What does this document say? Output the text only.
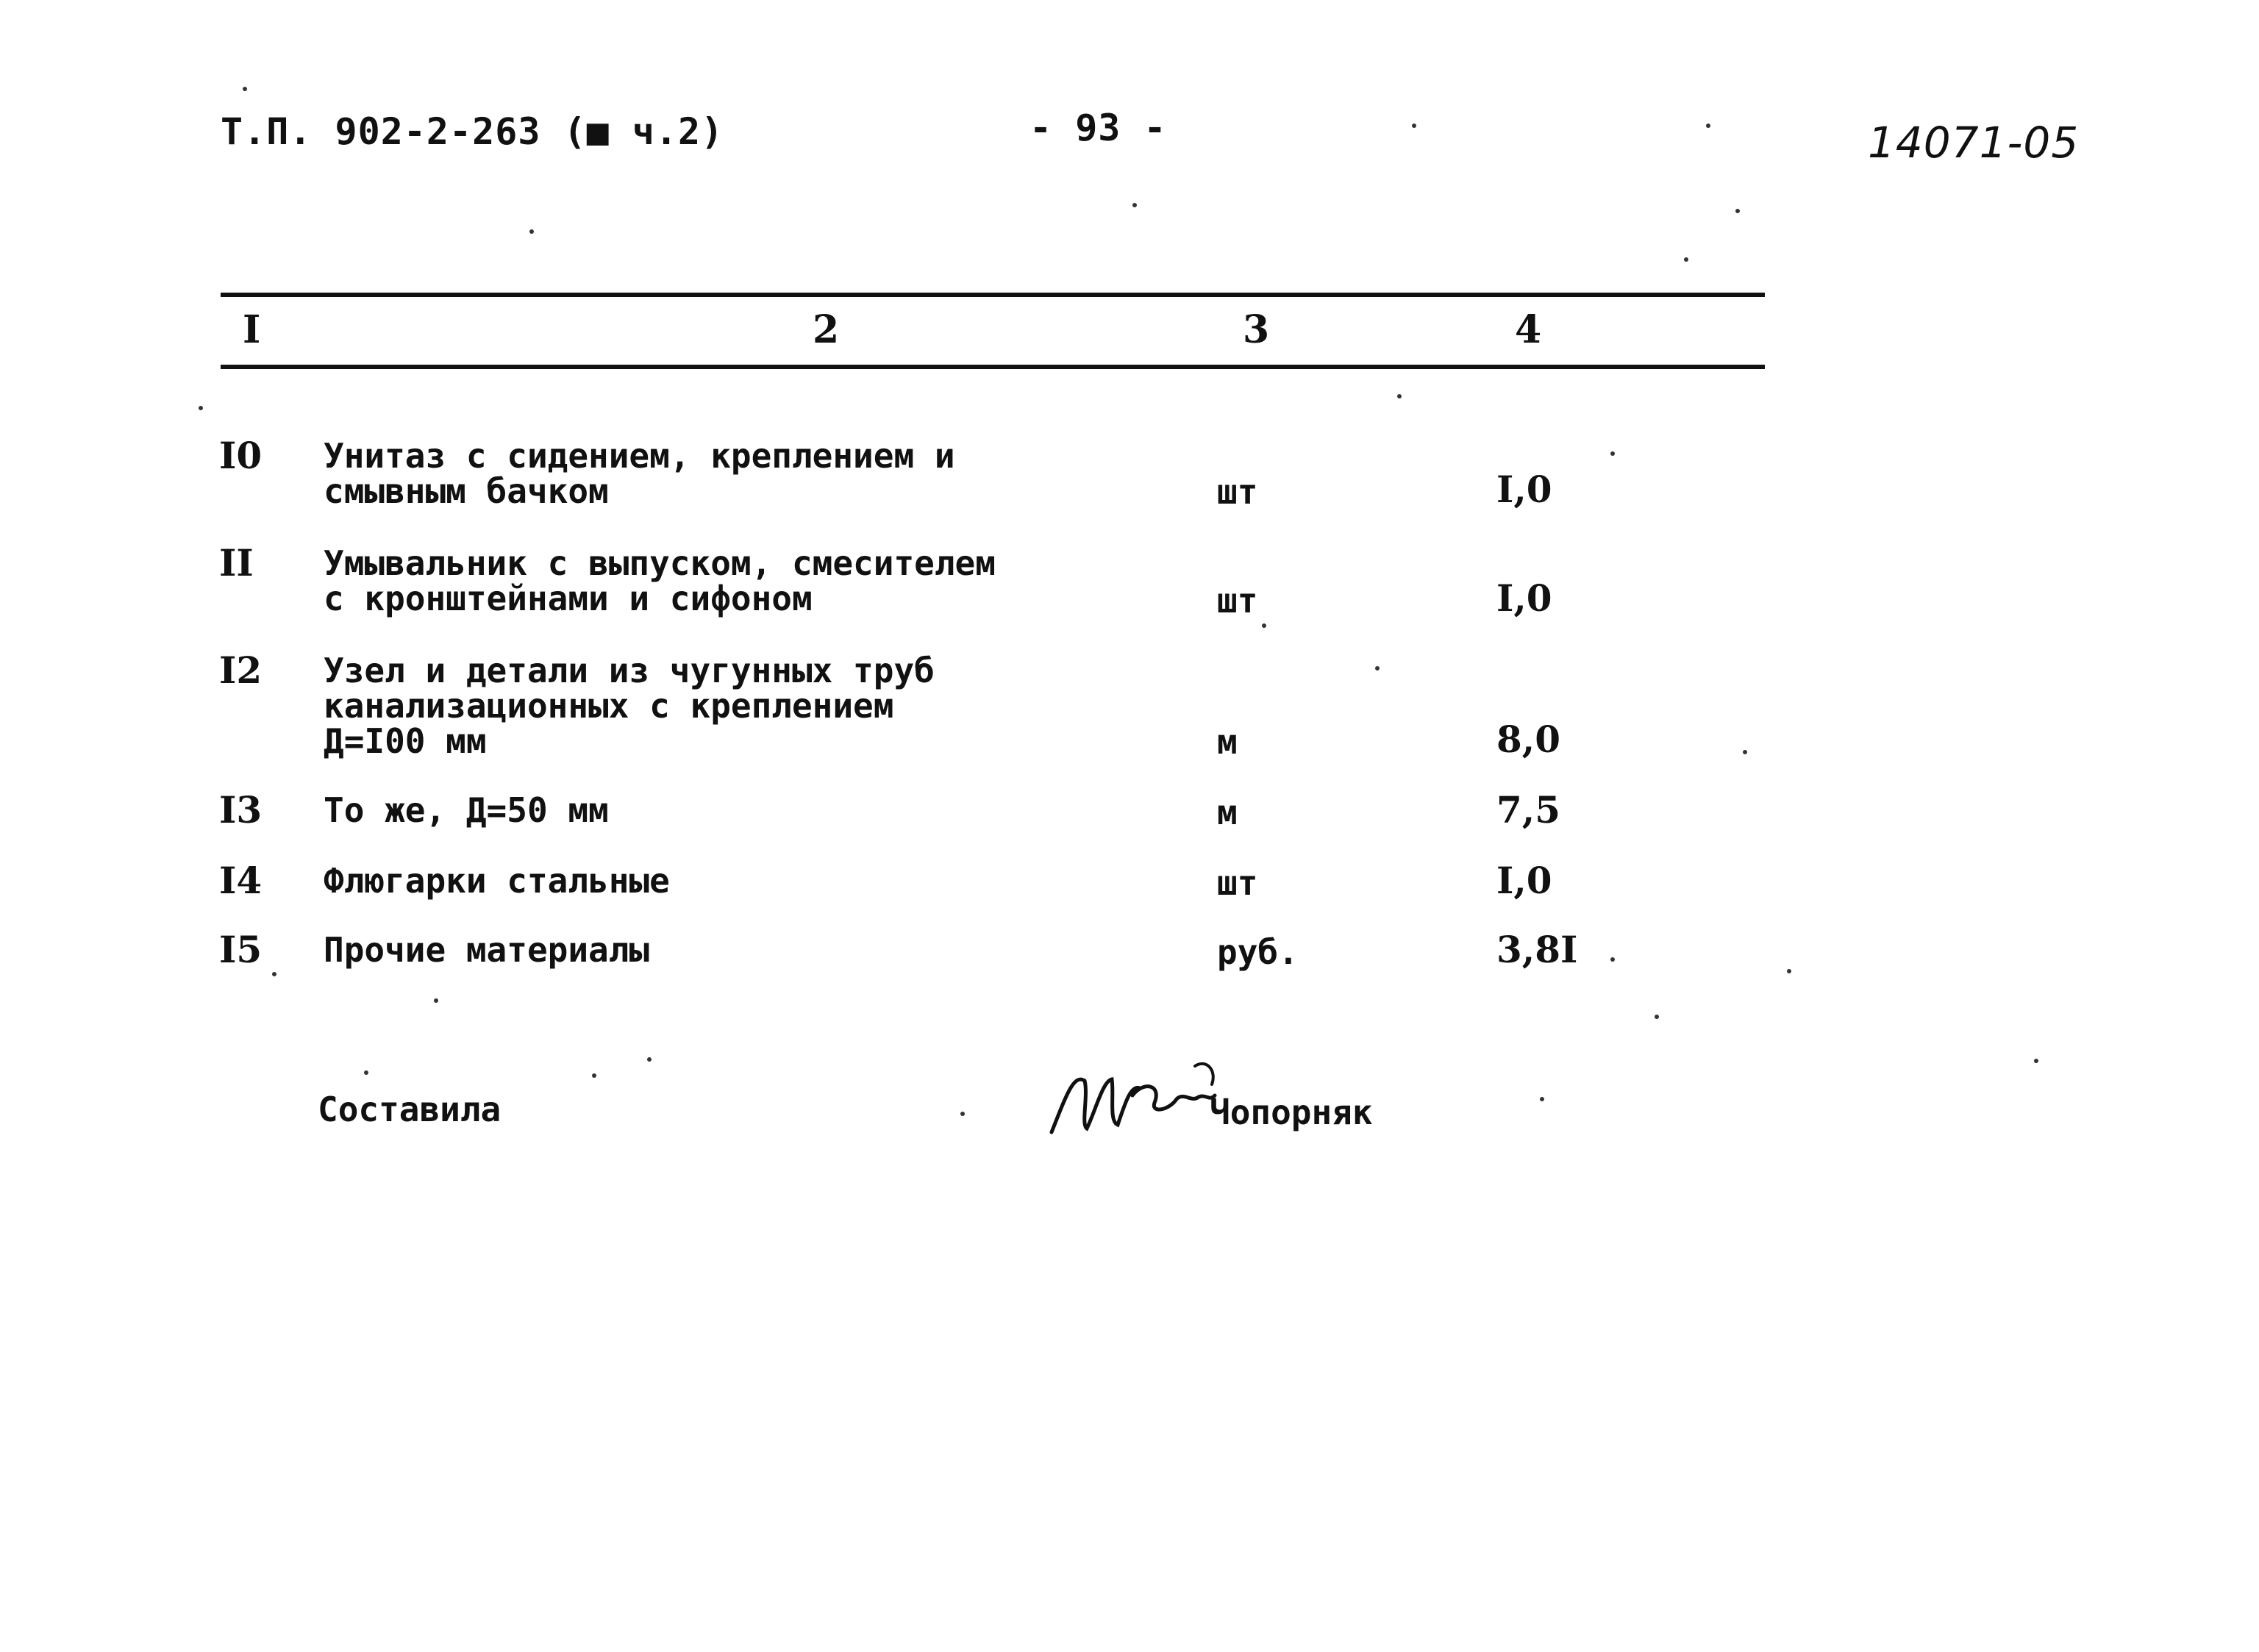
Т.П. 902-2-263 (■ ч.2)	- 93 -	14071-05
I	2	3	4
I0 Унитаз с сидением, креплением и
смывным бачком	шт	I,0
II Умывальник с выпуском, смесителем
с кронштейнами и сифоном	шт	I,0
I2 Узел и детали из чугунных труб
канализационных с креплением
Д=I00 мм	м	8,0
I3 То же, Д=50 мм	м	7,5
I4 Флюгарки стальные	шт	I,0
I5 Прочие материалы	руб.	3,8I
Составила	Чопорняк
